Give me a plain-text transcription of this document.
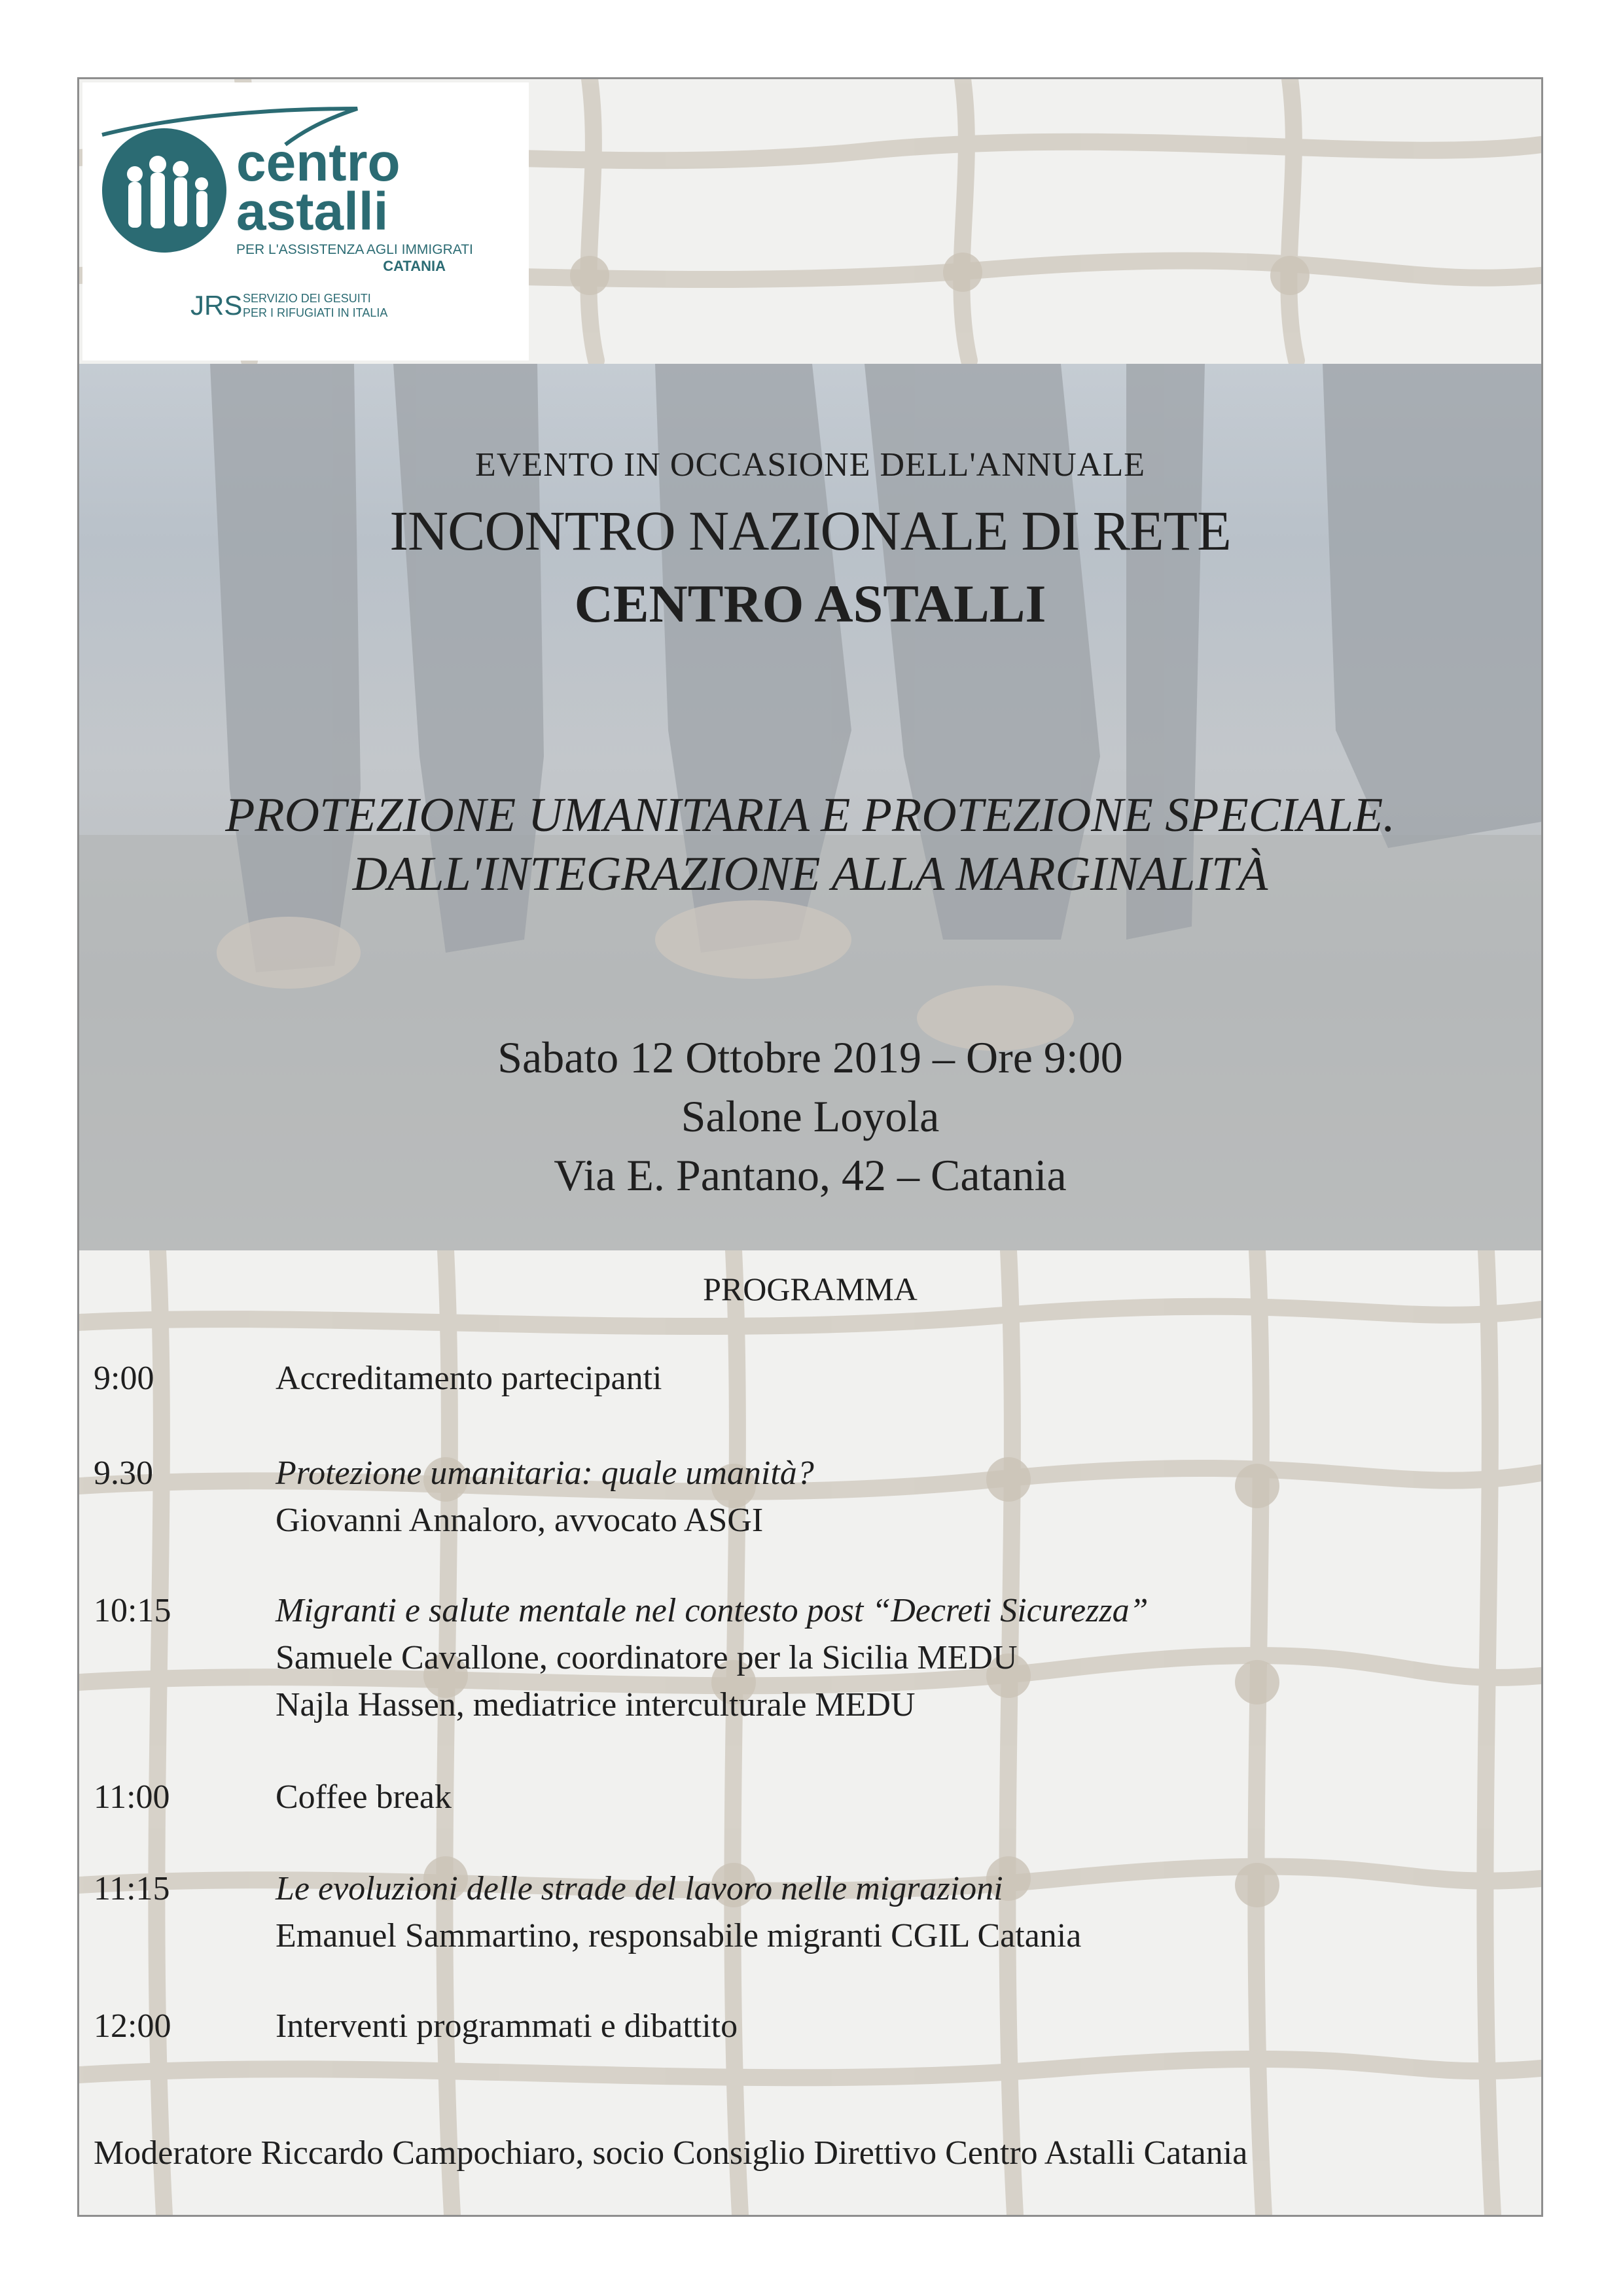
centro
astalli
PER L'ASSISTENZA AGLI IMMIGRATI
CATANIA
JRS SERVIZIO DEI GESUITI
PER I RIFUGIATI IN ITALIA
EVENTO IN OCCASIONE DELL'ANNUALE
INCONTRO NAZIONALE DI RETE
CENTRO ASTALLI
PROTEZIONE UMANITARIA E PROTEZIONE SPECIALE.
DALL'INTEGRAZIONE ALLA MARGINALITÀ
Sabato 12 Ottobre 2019 – Ore 9:00
Salone Loyola
Via E. Pantano, 42 – Catania
PROGRAMMA
9:00	Accreditamento partecipanti
9.30	Protezione umanitaria: quale umanità?
Giovanni Annaloro, avvocato ASGI
10:15	Migranti e salute mentale nel contesto post “Decreti Sicurezza”
Samuele Cavallone, coordinatore per la Sicilia MEDU
Najla Hassen, mediatrice interculturale MEDU
11:00	Coffee break
11:15	Le evoluzioni delle strade del lavoro nelle migrazioni
Emanuel Sammartino, responsabile migranti CGIL Catania
12:00	Interventi programmati e dibattito
Moderatore Riccardo Campochiaro, socio Consiglio Direttivo Centro Astalli Catania
